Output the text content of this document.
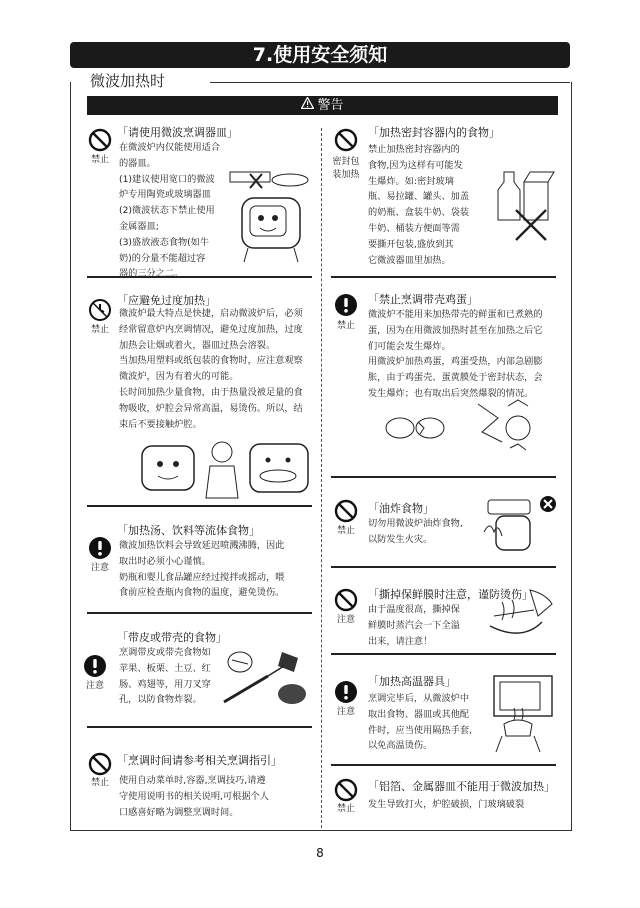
7.使用安全须知
微波加热时
警告
禁止
「请使用微波烹调器皿」

在微波炉内仅能使用适合

的器皿。

(1)建议使用宽口的微波

炉专用陶瓷或玻璃器皿

(2)微波状态下禁止使用

金属器皿;

(3)盛放液态食物(如牛

奶)的分量不能超过容

器的三分之二。

禁止
「应避免过度加热」

微波炉最大特点是快捷，启动微波炉后，必须

经常留意炉内烹调情况，避免过度加热，过度

加热会让烟或着火，器皿过热会溶裂。

当加热用塑料或纸包装的食物时，应注意观察

微波炉，因为有着火的可能。

长时间加热少量食物，由于热量没被足量的食

物吸收，炉腔会异常高温，易烫伤。所以，结

束后不要接触炉腔。

注意
「加热汤、饮料等流体食物」

微波加热饮料会导致延迟喷溅沸腾，因此

取出时必须小心谨慎。

奶瓶和婴儿食品罐应经过搅拌或摇动，喂

食前应检查瓶内食物的温度，避免烫伤。

注意
「带皮或带壳的食物」

烹调带皮或带壳食物如

苹果、板栗、土豆、红

肠、鸡翅等，用刀叉穿

孔，以防食物炸裂。

禁止
「烹调时间请参考相关烹调指引」

使用自动菜单时,容器,烹调技巧,请遵

守使用说明书的相关说明,可根据个人

口感喜好略为调整烹调时间。

密封包装加热
「加热密封容器内的食物」

禁止加热密封容器内的

食物,因为这样有可能发

生爆炸。如:密封玻璃

瓶、易拉罐、罐头、加盖

的奶瓶、盒装牛奶、袋装

牛奶、桶装方便面等需

要撕开包装,盛放到其

它微波器皿里加热。

禁止
「禁止烹调带壳鸡蛋」

微波炉不能用来加热带壳的鲜蛋和已煮熟的

蛋，因为在用微波加热时甚至在加热之后它

们可能会发生爆炸。

用微波炉加热鸡蛋，鸡蛋受热，内部急剧膨

胀，由于鸡蛋壳、蛋黄膜处于密封状态，会

发生爆炸；也有取出后突然爆裂的情况。

禁止
「油炸食物」

切勿用微波炉油炸食物,

以防发生火灾。

注意
「撕掉保鲜膜时注意，谨防烫伤」

由于温度很高，撕掉保

鲜膜时蒸汽会一下全溢

出来，请注意！

注意
「加热高温器具」

烹调完毕后，从微波炉中

取出食物、器皿或其他配

件时，应当使用隔热手套,

以免高温烫伤。

禁止
「铝箔、金属器皿不能用于微波加热」

发生导致打火，炉腔破损，门玻璃破裂

8
